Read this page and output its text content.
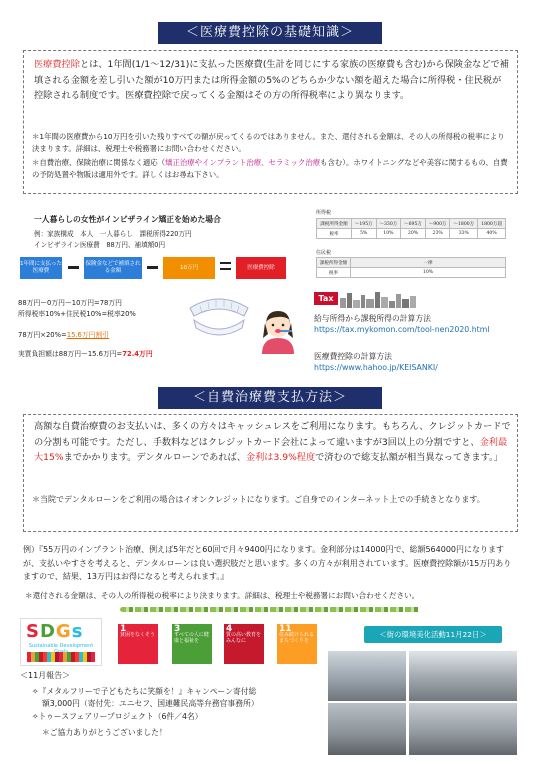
＜医療費控除の基礎知識＞
医療費控除とは、1年間(1/1〜12/31)に支払った医療費(生計を同じにする家族の医療費も含む)から保険金などで補填される金額を差し引いた額が10万円または所得金額の5%のどちらか少ない額を超えた場合に所得税・住民税が控除される制度です。医療費控除で戻ってくる金額はその方の所得税率により異なります。
＊1年間の医療費から10万円を引いた残りすべての額が戻ってくるのではありません。また、還付される金額は、その人の所得税の税率により決まります。詳細は、税理士や税務署にお問い合わせください。
＊自費治療、保険治療に関係なく適応（矯正治療やインプラント治療、セラミック治療も含む）。ホワイトニングなどや美容に関するもの、自費の予防処置や物販は適用外です。詳しくはお尋ね下さい。
一人暮らしの女性がインビザライン矯正を始めた場合
例：家族構成　本人　一人暮らし　課税所得220万円
インビザライン医療費　88万円、補填額0円
1年間に支払った医療費
保険金などで補填される金額
10万円	医療費控除
88万円ー0万円ー10万円=78万円
所得税率10%+住民税10%=税率20%
78万円×20%=15.6万円割引
実質負担額は88万円ー15.6万円=72.4万円
所得税
課税所得金額	〜195万	〜330万	〜695万	〜900万	〜1800万	1800万超
税率	5%	10%	20%	23%	33%	40%
住民税
課税所得金額	一律
税率	10%
Tax
給与所得から課税所得の計算方法
https://tax.mykomon.com/tool-nen2020.html
医療費控除の計算方法
https://www.hahoo.jp/KEISANKI/
＜自費治療費支払方法＞
高額な自費治療費のお支払いは、多くの方々はキャッシュレスをご利用になります。もちろん、クレジットカードでの分割も可能です。ただし、手数料などはクレジットカード会社によって違いますが3回以上の分割ですと、金利最大15%までかかります。デンタルローンであれば、金利は3.9%程度で済むので総支払額が相当異なってきます。」
＊当院でデンタルローンをご利用の場合はイオンクレジットになります。ご自身でのインターネット上での手続きとなります。
例）『55万円のインプラント治療、例えば5年だと60回で月々9400円になります。金利部分は14000円で、総額564000円になりますが、支払いやすさを考えると、デンタルローンは良い選択肢だと思います。多くの方々が利用されています。医療費控除額が15万円ありますので、結果、13万円はお得になると考えられます。』
＊還付される金額は、その人の所得税の税率により決まります。詳細は、税理士や税務署にお問い合わせください。
SDGs
Sustainable Development
1
貧困をなくそう
3
すべての人に健康と福祉を
4
質の高い教育をみんなに
11
住み続けられるまちづくりを
＜街の環境美化活動11月22日＞
＜11月報告＞
✧『メタルフリーで子どもたちに笑顔を！』キャンペーン寄付総
額3,000円（寄付先：ユニセフ、国連難民高等弁務官事務所）
✧トゥースフェアリープロジェクト（6件／4名）
＊ご協力ありがとうございました！
